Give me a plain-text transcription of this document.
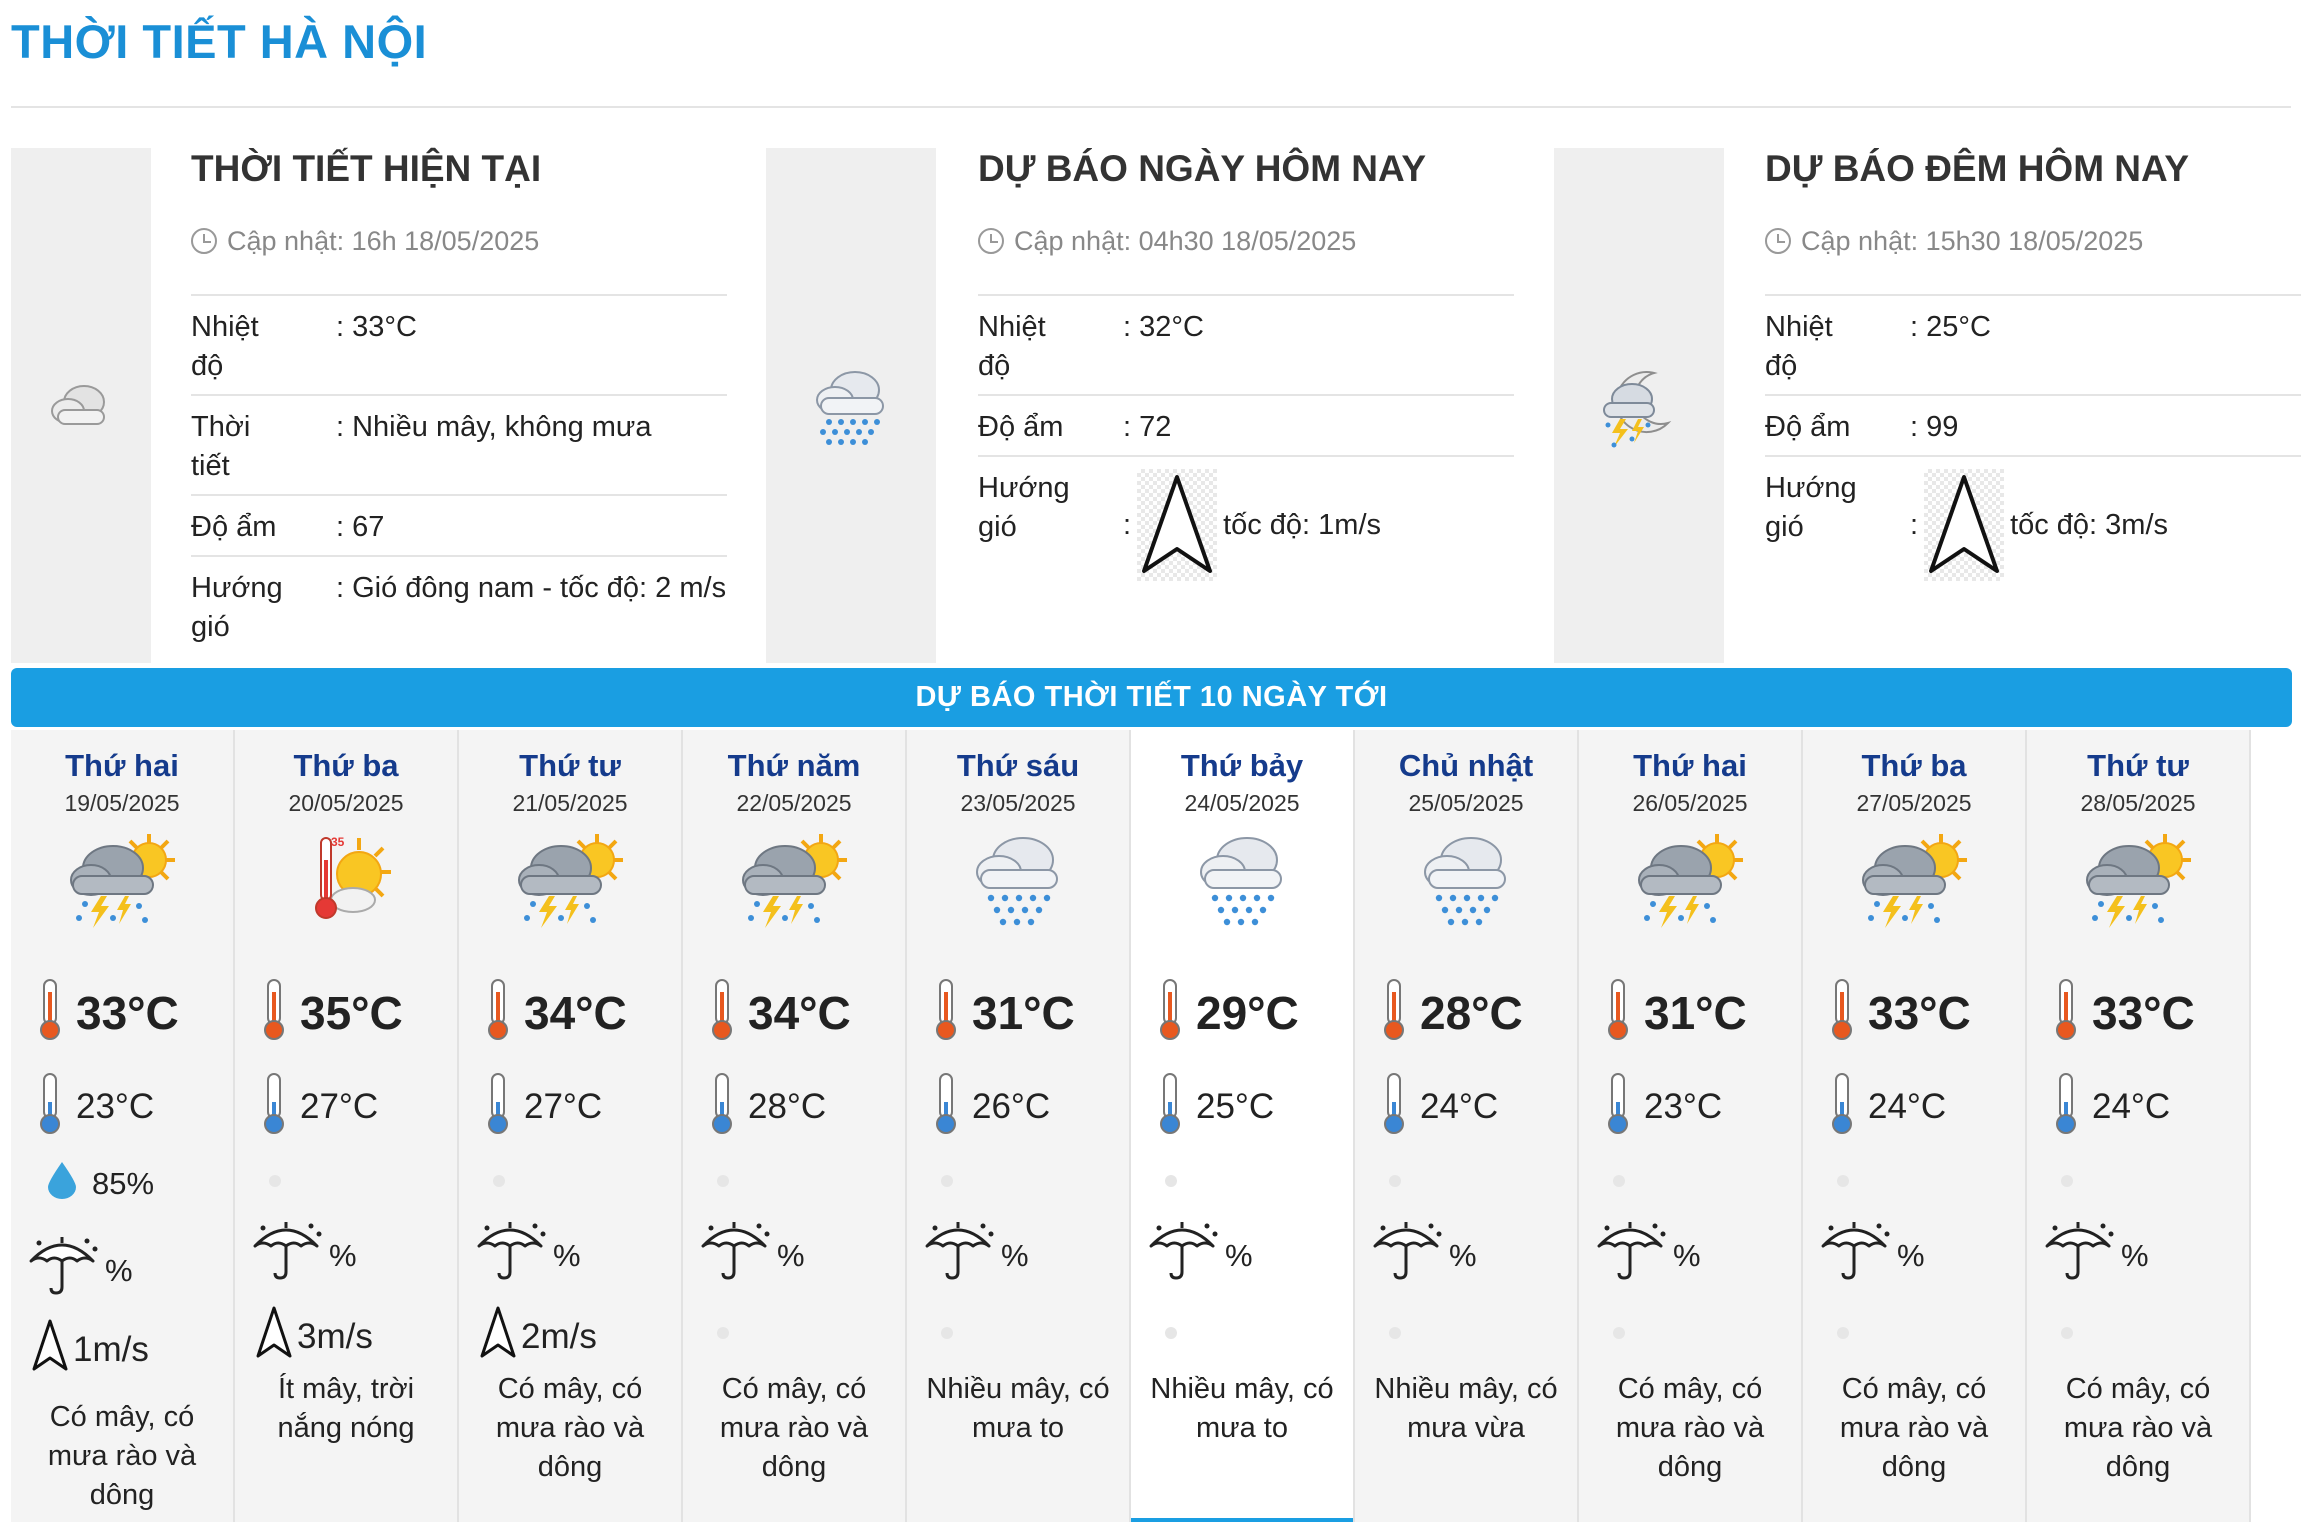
THỜI TIẾT HÀ NỘI
THỜI TIẾT HIỆN TẠI
Cập nhật: 16h 18/05/2025
Nhiệt độ
: 33°C
Thời tiết
: Nhiều mây, không mưa
Độ ẩm	: 67
Hướng gió
: Gió đông nam - tốc độ: 2 m/s
DỰ BÁO NGÀY HÔM NAY
Cập nhật: 04h30 18/05/2025
Nhiệt độ
: 32°C
Độ ẩm	: 72
Hướng gió	:	tốc độ: 1m/s
DỰ BÁO ĐÊM HÔM NAY
Cập nhật: 15h30 18/05/2025
Nhiệt độ
: 25°C
Độ ẩm	: 99
Hướng gió	:	tốc độ: 3m/s
DỰ BÁO THỜI TIẾT 10 NGÀY TỚI
Thứ hai
19/05/2025
33°C
23°C
85%
%
1m/s
Có mây, có mưa rào và dông
Thứ ba
20/05/2025
35
35°C
27°C
%
3m/s
Ít mây, trời nắng nóng
Thứ tư
21/05/2025
34°C
27°C
%
2m/s
Có mây, có mưa rào và dông
Thứ năm
22/05/2025
34°C
28°C
%
Có mây, có mưa rào và dông
Thứ sáu
23/05/2025
31°C
26°C
%
Nhiều mây, có mưa to
Thứ bảy
24/05/2025
29°C
25°C
%
Nhiều mây, có mưa to
Chủ nhật
25/05/2025
28°C
24°C
%
Nhiều mây, có mưa vừa
Thứ hai
26/05/2025
31°C
23°C
%
Có mây, có mưa rào và dông
Thứ ba
27/05/2025
33°C
24°C
%
Có mây, có mưa rào và dông
Thứ tư
28/05/2025
33°C
24°C
%
Có mây, có mưa rào và dông
